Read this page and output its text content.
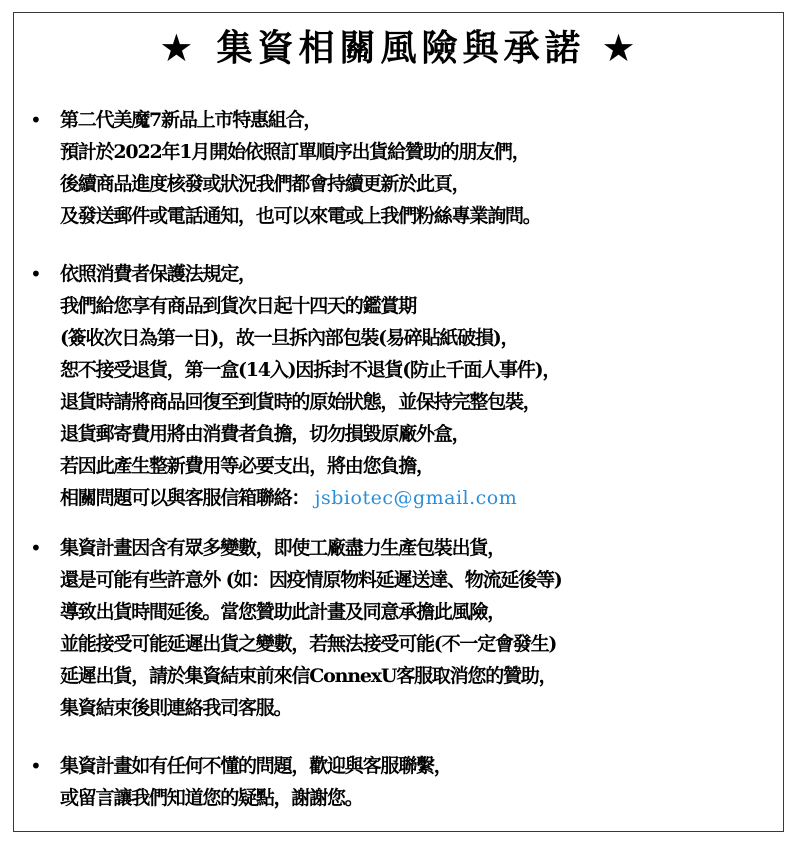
★ 集資相關風險與承諾 ★
• 第二代美魔7新品上市特惠組合，
預計於2022年1月開始依照訂單順序出貨給贊助的朋友們，
後續商品進度核發或狀況我們都會持續更新於此頁，
及發送郵件或電話通知，也可以來電或上我們粉絲專業詢問。
• 依照消費者保護法規定，
我們給您享有商品到貨次日起十四天的鑑賞期
(簽收次日為第一日)，故一旦拆內部包裝(易碎貼紙破損)，
恕不接受退貨，第一盒(14入)因拆封不退貨(防止千面人事件)，
退貨時請將商品回復至到貨時的原始狀態，並保持完整包裝，
退貨郵寄費用將由消費者負擔，切勿損毀原廠外盒，
若因此產生整新費用等必要支出，將由您負擔，
相關問題可以與客服信箱聯絡： jsbiotec@gmail.com
• 集資計畫因含有眾多變數，即使工廠盡力生產包裝出貨，
還是可能有些許意外 (如：因疫情原物料延遲送達、物流延後等)
導致出貨時間延後。當您贊助此計畫及同意承擔此風險，
並能接受可能延遲出貨之變數，若無法接受可能(不一定會發生)
延遲出貨，請於集資結束前來信ConnexU客服取消您的贊助，
集資結束後則連絡我司客服。
• 集資計畫如有任何不懂的問題，歡迎與客服聯繫，
或留言讓我們知道您的疑點，謝謝您。
